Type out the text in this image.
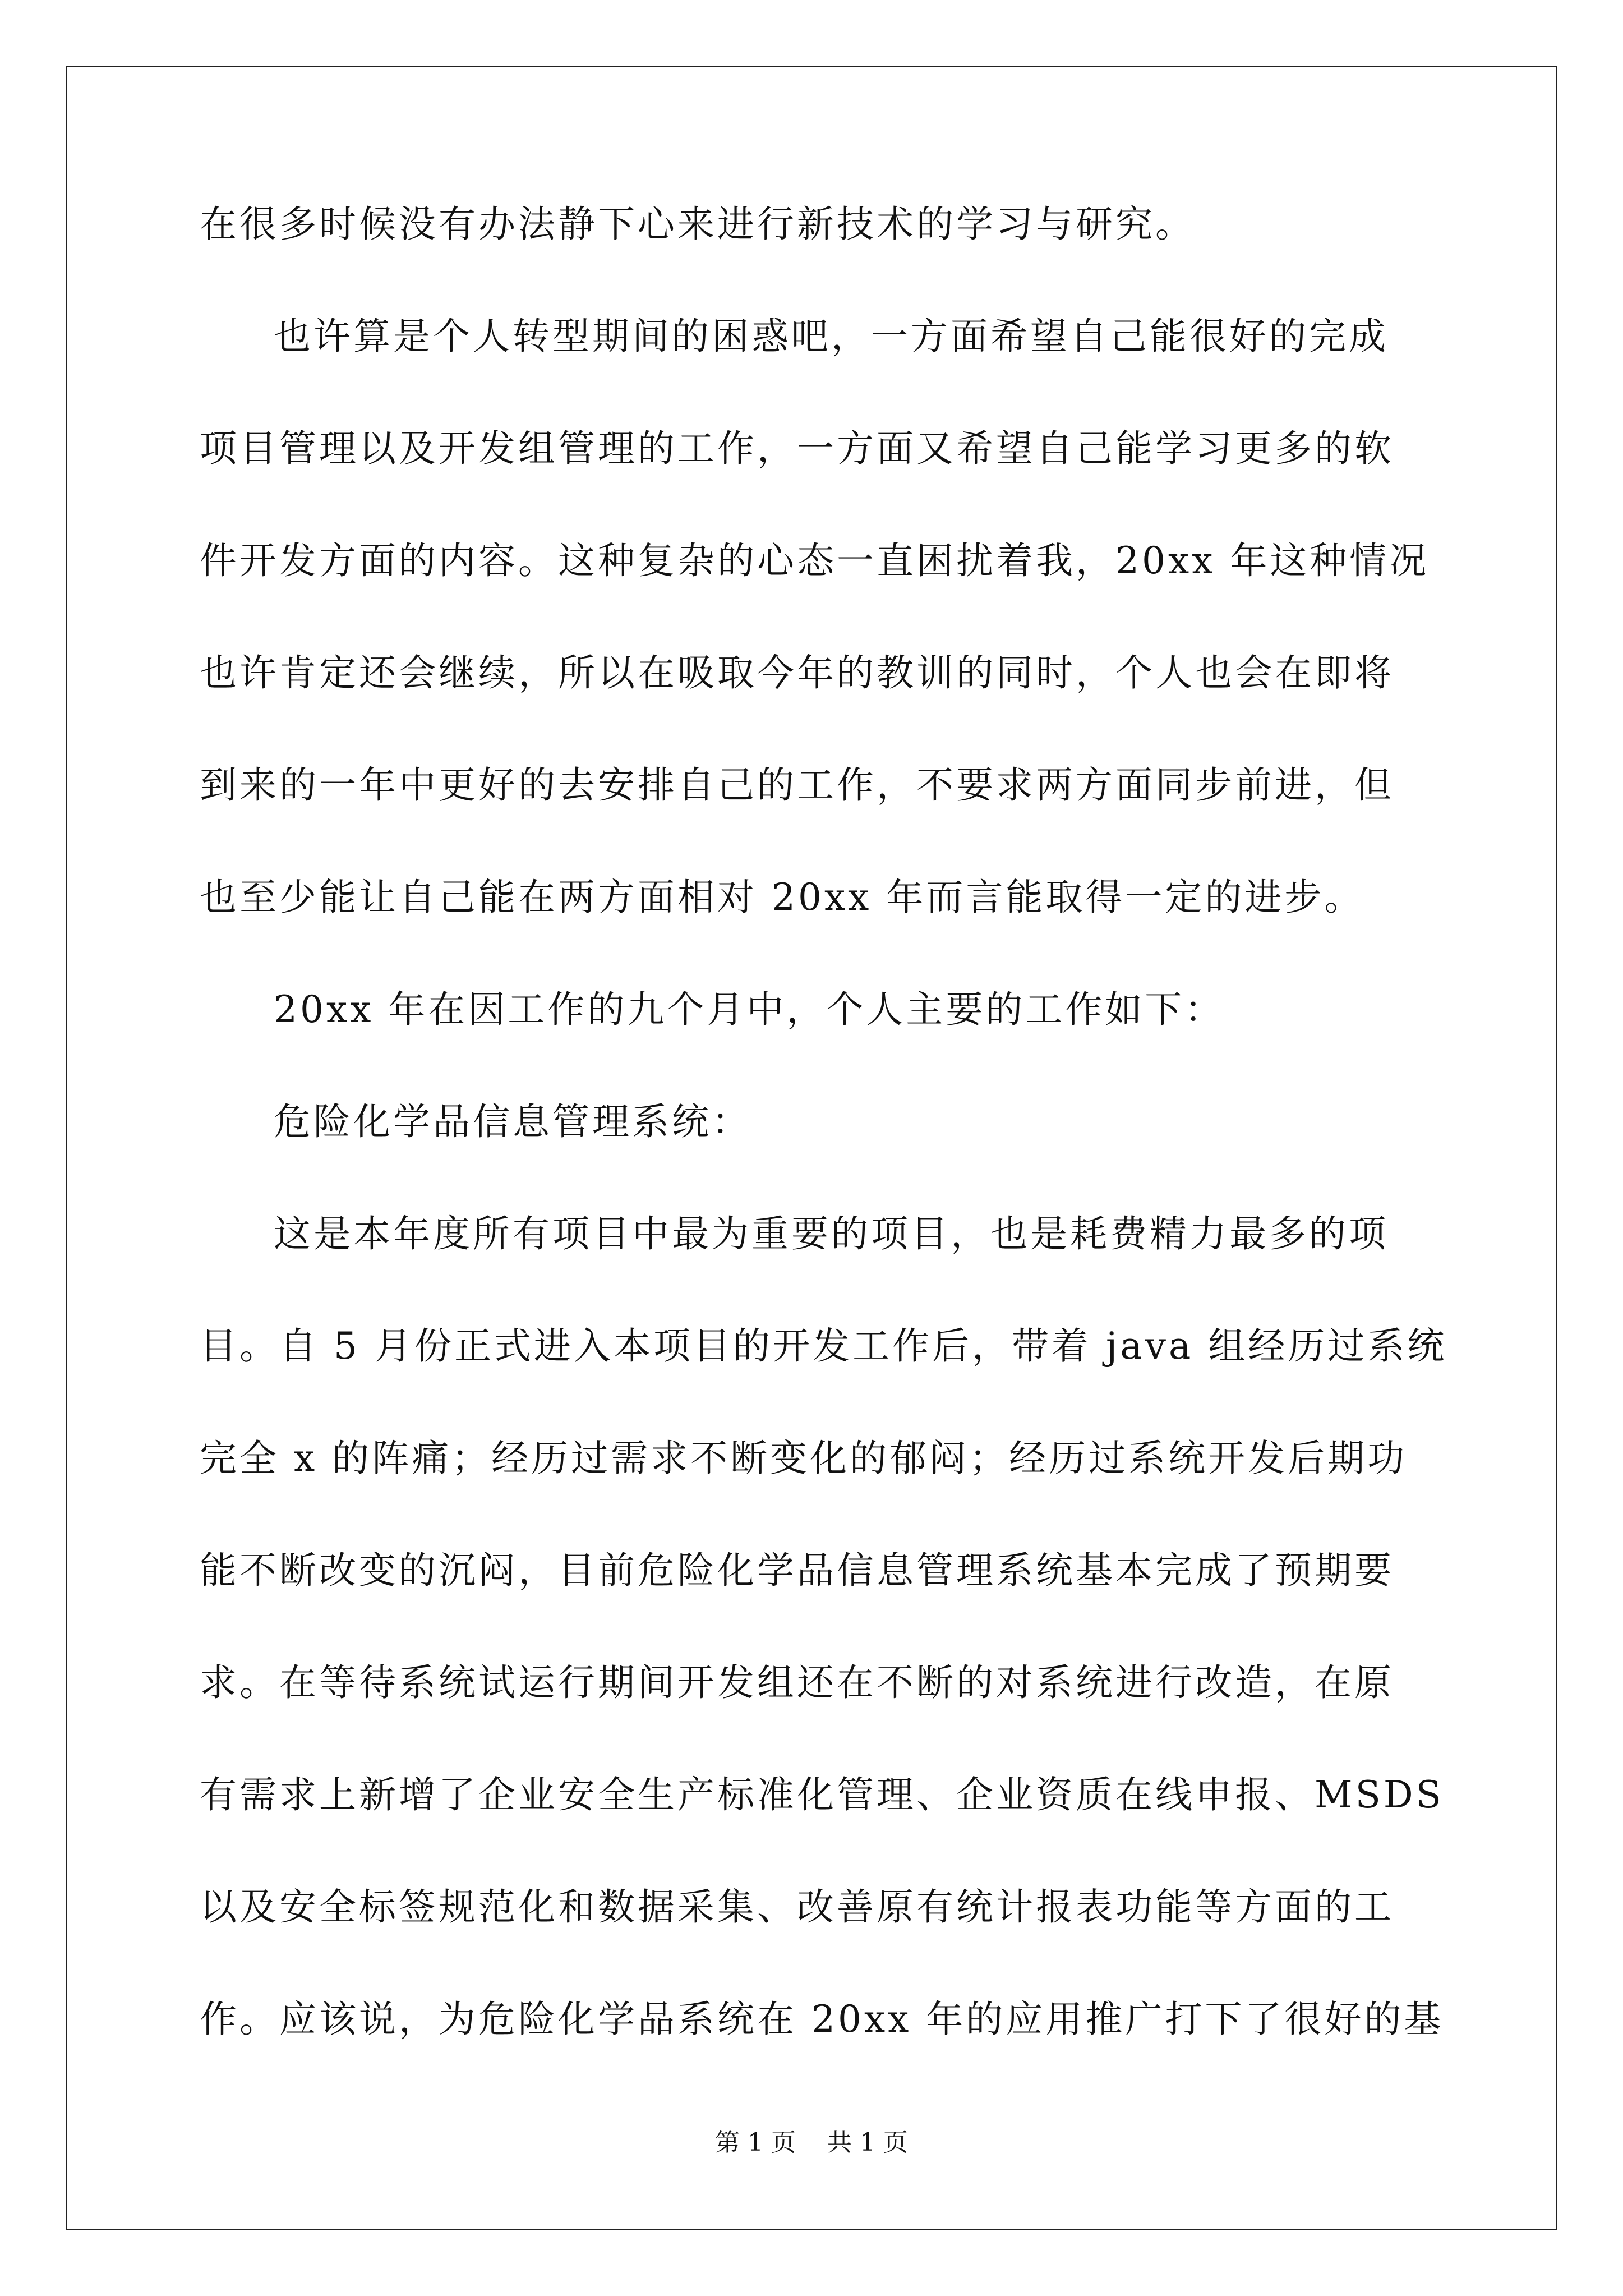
在很多时候没有办法静下心来进行新技术的学习与研究。
也许算是个人转型期间的困惑吧，一方面希望自己能很好的完成
项目管理以及开发组管理的工作，一方面又希望自己能学习更多的软
件开发方面的内容。这种复杂的心态一直困扰着我，20xx 年这种情况
也许肯定还会继续，所以在吸取今年的教训的同时，个人也会在即将
到来的一年中更好的去安排自己的工作，不要求两方面同步前进，但
也至少能让自己能在两方面相对 20xx 年而言能取得一定的进步。
20xx 年在因工作的九个月中，个人主要的工作如下：
危险化学品信息管理系统：
这是本年度所有项目中最为重要的项目，也是耗费精力最多的项
目。自 5 月份正式进入本项目的开发工作后，带着 java 组经历过系统
完全 x 的阵痛；经历过需求不断变化的郁闷；经历过系统开发后期功
能不断改变的沉闷，目前危险化学品信息管理系统基本完成了预期要
求。在等待系统试运行期间开发组还在不断的对系统进行改造，在原
有需求上新增了企业安全生产标准化管理、企业资质在线申报、MSDS
以及安全标签规范化和数据采集、改善原有统计报表功能等方面的工
作。应该说，为危险化学品系统在 20xx 年的应用推广打下了很好的基
第 1 页    共 1 页
